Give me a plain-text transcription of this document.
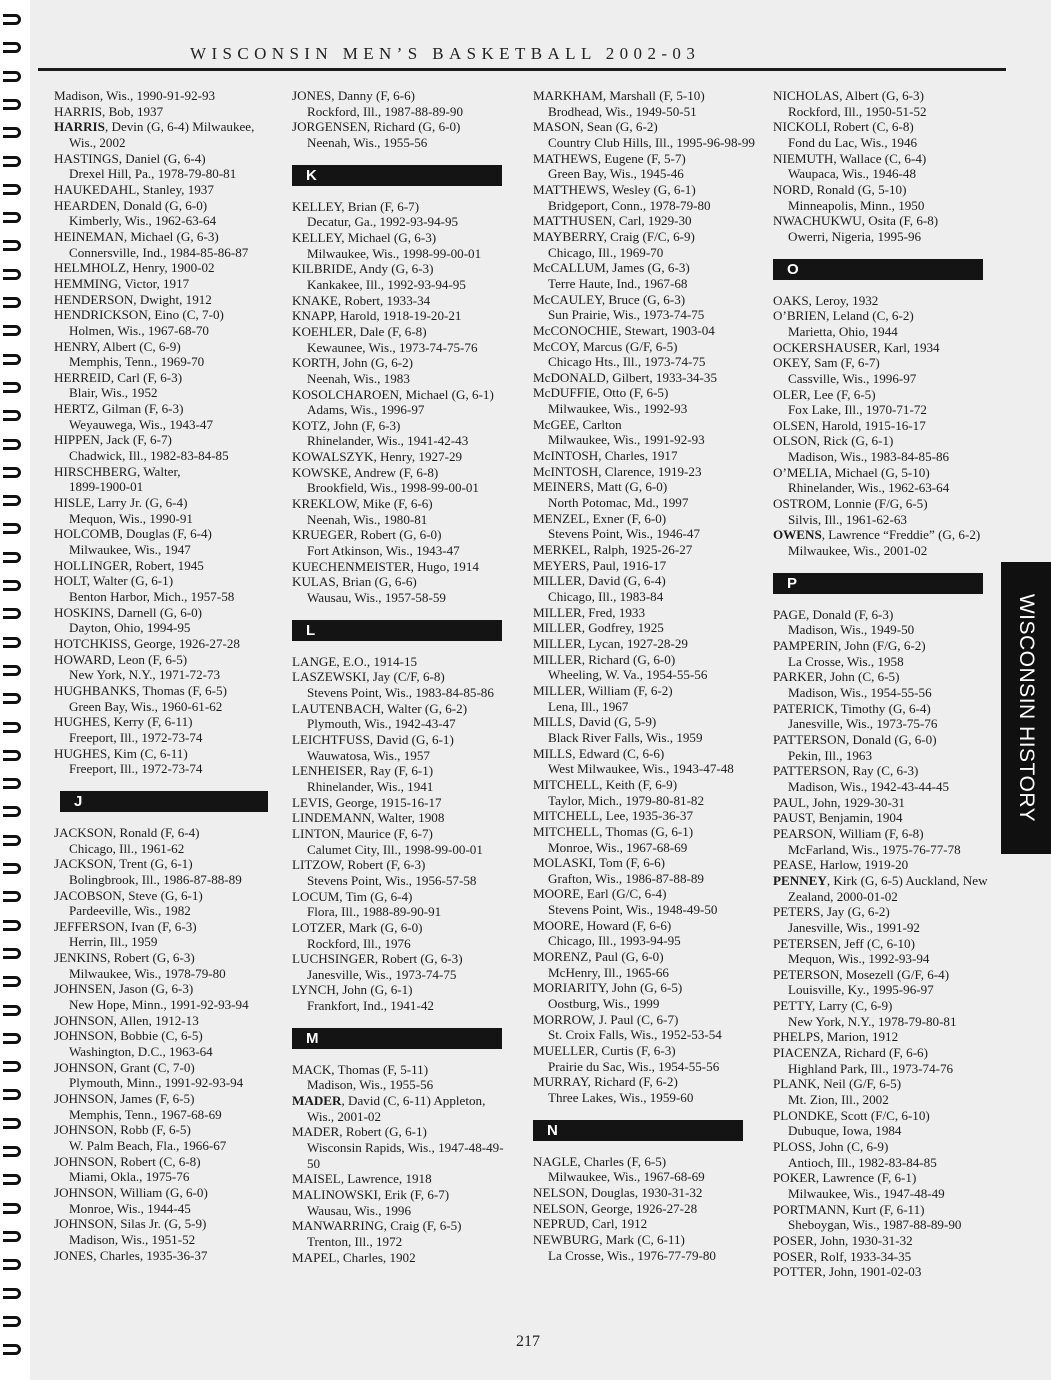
WISCONSIN MEN’S BASKETBALL 2002-03
Madison, Wis., 1990-91-92-93
HARRIS, Bob, 1937
HARRIS, Devin (G, 6-4) Milwaukee, Wis., 2002
HASTINGS, Daniel (G, 6-4)
Drexel Hill, Pa., 1978-79-80-81
HAUKEDAHL, Stanley, 1937
HEARDEN, Donald (G, 6-0)
Kimberly, Wis., 1962-63-64
HEINEMAN, Michael (G, 6-3)
Connersville, Ind., 1984-85-86-87
HELMHOLZ, Henry, 1900-02
HEMMING, Victor, 1917
HENDERSON, Dwight, 1912
HENDRICKSON, Eino (C, 7-0)
Holmen, Wis., 1967-68-70
HENRY, Albert (C, 6-9)
Memphis, Tenn., 1969-70
HERREID, Carl (F, 6-3)
Blair, Wis., 1952
HERTZ, Gilman (F, 6-3)
Weyauwega, Wis., 1943-47
HIPPEN, Jack (F, 6-7)
Chadwick, Ill., 1982-83-84-85
HIRSCHBERG, Walter,
1899-1900-01
HISLE, Larry Jr. (G, 6-4)
Mequon, Wis., 1990-91
HOLCOMB, Douglas (F, 6-4)
Milwaukee, Wis., 1947
HOLLINGER, Robert, 1945
HOLT, Walter (G, 6-1)
Benton Harbor, Mich., 1957-58
HOSKINS, Darnell (G, 6-0)
Dayton, Ohio, 1994-95
HOTCHKISS, George, 1926-27-28
HOWARD, Leon (F, 6-5)
New York, N.Y., 1971-72-73
HUGHBANKS, Thomas (F, 6-5)
Green Bay, Wis., 1960-61-62
HUGHES, Kerry (F, 6-11)
Freeport, Ill., 1972-73-74
HUGHES, Kim (C, 6-11)
Freeport, Ill., 1972-73-74
J
JACKSON, Ronald (F, 6-4)
Chicago, Ill., 1961-62
JACKSON, Trent (G, 6-1)
Bolingbrook, Ill., 1986-87-88-89
JACOBSON, Steve (G, 6-1)
Pardeeville, Wis., 1982
JEFFERSON, Ivan (F, 6-3)
Herrin, Ill., 1959
JENKINS, Robert (G, 6-3)
Milwaukee, Wis., 1978-79-80
JOHNSEN, Jason (G, 6-3)
New Hope, Minn., 1991-92-93-94
JOHNSON, Allen, 1912-13
JOHNSON, Bobbie (C, 6-5)
Washington, D.C., 1963-64
JOHNSON, Grant (C, 7-0)
Plymouth, Minn., 1991-92-93-94
JOHNSON, James (F, 6-5)
Memphis, Tenn., 1967-68-69
JOHNSON, Robb (F, 6-5)
W. Palm Beach, Fla., 1966-67
JOHNSON, Robert (C, 6-8)
Miami, Okla., 1975-76
JOHNSON, William (G, 6-0)
Monroe, Wis., 1944-45
JOHNSON, Silas Jr. (G, 5-9)
Madison, Wis., 1951-52
JONES, Charles, 1935-36-37
JONES, Danny (F, 6-6)
Rockford, Ill., 1987-88-89-90
JORGENSEN, Richard (G, 6-0)
Neenah, Wis., 1955-56
K
KELLEY, Brian (F, 6-7)
Decatur, Ga., 1992-93-94-95
KELLEY, Michael (G, 6-3)
Milwaukee, Wis., 1998-99-00-01
KILBRIDE, Andy (G, 6-3)
Kankakee, Ill., 1992-93-94-95
KNAKE, Robert, 1933-34
KNAPP, Harold, 1918-19-20-21
KOEHLER, Dale (F, 6-8)
Kewaunee, Wis., 1973-74-75-76
KORTH, John (G, 6-2)
Neenah, Wis., 1983
KOSOLCHAROEN, Michael (G, 6-1)
Adams, Wis., 1996-97
KOTZ, John (F, 6-3)
Rhinelander, Wis., 1941-42-43
KOWALSZYK, Henry, 1927-29
KOWSKE, Andrew (F, 6-8)
Brookfield, Wis., 1998-99-00-01
KREKLOW, Mike (F, 6-6)
Neenah, Wis., 1980-81
KRUEGER, Robert (G, 6-0)
Fort Atkinson, Wis., 1943-47
KUECHENMEISTER, Hugo, 1914
KULAS, Brian (G, 6-6)
Wausau, Wis., 1957-58-59
L
LANGE, E.O., 1914-15
LASZEWSKI, Jay (C/F, 6-8)
Stevens Point, Wis., 1983-84-85-86
LAUTENBACH, Walter (G, 6-2)
Plymouth, Wis., 1942-43-47
LEICHTFUSS, David (G, 6-1)
Wauwatosa, Wis., 1957
LENHEISER, Ray (F, 6-1)
Rhinelander, Wis., 1941
LEVIS, George, 1915-16-17
LINDEMANN, Walter, 1908
LINTON, Maurice (F, 6-7)
Calumet City, Ill., 1998-99-00-01
LITZOW, Robert (F, 6-3)
Stevens Point, Wis., 1956-57-58
LOCUM, Tim (G, 6-4)
Flora, Ill., 1988-89-90-91
LOTZER, Mark (G, 6-0)
Rockford, Ill., 1976
LUCHSINGER, Robert (G, 6-3)
Janesville, Wis., 1973-74-75
LYNCH, John (G, 6-1)
Frankfort, Ind., 1941-42
M
MACK, Thomas (F, 5-11)
Madison, Wis., 1955-56
MADER, David (C, 6-11) Appleton, Wis., 2001-02
MADER, Robert (G, 6-1)
Wisconsin Rapids, Wis., 1947-48-49-50
MAISEL, Lawrence, 1918
MALINOWSKI, Erik (F, 6-7)
Wausau, Wis., 1996
MANWARRING, Craig (F, 6-5)
Trenton, Ill., 1972
MAPEL, Charles, 1902
MARKHAM, Marshall (F, 5-10)
Brodhead, Wis., 1949-50-51
MASON, Sean (G, 6-2)
Country Club Hills, Ill., 1995-96-98-99
MATHEWS, Eugene (F, 5-7)
Green Bay, Wis., 1945-46
MATTHEWS, Wesley (G, 6-1)
Bridgeport, Conn., 1978-79-80
MATTHUSEN, Carl, 1929-30
MAYBERRY, Craig (F/C, 6-9)
Chicago, Ill., 1969-70
McCALLUM, James (G, 6-3)
Terre Haute, Ind., 1967-68
McCAULEY, Bruce (G, 6-3)
Sun Prairie, Wis., 1973-74-75
McCONOCHIE, Stewart, 1903-04
McCOY, Marcus (G/F, 6-5)
Chicago Hts., Ill., 1973-74-75
McDONALD, Gilbert, 1933-34-35
McDUFFIE, Otto (F, 6-5)
Milwaukee, Wis., 1992-93
McGEE, Carlton
Milwaukee, Wis., 1991-92-93
McINTOSH, Charles, 1917
McINTOSH, Clarence, 1919-23
MEINERS, Matt (G, 6-0)
North Potomac, Md., 1997
MENZEL, Exner (F, 6-0)
Stevens Point, Wis., 1946-47
MERKEL, Ralph, 1925-26-27
MEYERS, Paul, 1916-17
MILLER, David (G, 6-4)
Chicago, Ill., 1983-84
MILLER, Fred, 1933
MILLER, Godfrey, 1925
MILLER, Lycan, 1927-28-29
MILLER, Richard (G, 6-0)
Wheeling, W. Va., 1954-55-56
MILLER, William (F, 6-2)
Lena, Ill., 1967
MILLS, David (G, 5-9)
Black River Falls, Wis., 1959
MILLS, Edward (C, 6-6)
West Milwaukee, Wis., 1943-47-48
MITCHELL, Keith (F, 6-9)
Taylor, Mich., 1979-80-81-82
MITCHELL, Lee, 1935-36-37
MITCHELL, Thomas (G, 6-1)
Monroe, Wis., 1967-68-69
MOLASKI, Tom (F, 6-6)
Grafton, Wis., 1986-87-88-89
MOORE, Earl (G/C, 6-4)
Stevens Point, Wis., 1948-49-50
MOORE, Howard (F, 6-6)
Chicago, Ill., 1993-94-95
MORENZ, Paul (G, 6-0)
McHenry, Ill., 1965-66
MORIARITY, John (G, 6-5)
Oostburg, Wis., 1999
MORROW, J. Paul (C, 6-7)
St. Croix Falls, Wis., 1952-53-54
MUELLER, Curtis (F, 6-3)
Prairie du Sac, Wis., 1954-55-56
MURRAY, Richard (F, 6-2)
Three Lakes, Wis., 1959-60
N
NAGLE, Charles (F, 6-5)
Milwaukee, Wis., 1967-68-69
NELSON, Douglas, 1930-31-32
NELSON, George, 1926-27-28
NEPRUD, Carl, 1912
NEWBURG, Mark (C, 6-11)
La Crosse, Wis., 1976-77-79-80
NICHOLAS, Albert (G, 6-3)
Rockford, Ill., 1950-51-52
NICKOLI, Robert (C, 6-8)
Fond du Lac, Wis., 1946
NIEMUTH, Wallace (C, 6-4)
Waupaca, Wis., 1946-48
NORD, Ronald (G, 5-10)
Minneapolis, Minn., 1950
NWACHUKWU, Osita (F, 6-8)
Owerri, Nigeria, 1995-96
O
OAKS, Leroy, 1932
O’BRIEN, Leland (C, 6-2)
Marietta, Ohio, 1944
OCKERSHAUSER, Karl, 1934
OKEY, Sam (F, 6-7)
Cassville, Wis., 1996-97
OLER, Lee (F, 6-5)
Fox Lake, Ill., 1970-71-72
OLSEN, Harold, 1915-16-17
OLSON, Rick (G, 6-1)
Madison, Wis., 1983-84-85-86
O’MELIA, Michael (G, 5-10)
Rhinelander, Wis., 1962-63-64
OSTROM, Lonnie (F/G, 6-5)
Silvis, Ill., 1961-62-63
OWENS, Lawrence “Freddie” (G, 6-2) Milwaukee, Wis., 2001-02
P
PAGE, Donald (F, 6-3)
Madison, Wis., 1949-50
PAMPERIN, John (F/G, 6-2)
La Crosse, Wis., 1958
PARKER, John (C, 6-5)
Madison, Wis., 1954-55-56
PATERICK, Timothy (G, 6-4)
Janesville, Wis., 1973-75-76
PATTERSON, Donald (G, 6-0)
Pekin, Ill., 1963
PATTERSON, Ray (C, 6-3)
Madison, Wis., 1942-43-44-45
PAUL, John, 1929-30-31
PAUST, Benjamin, 1904
PEARSON, William (F, 6-8)
McFarland, Wis., 1975-76-77-78
PEASE, Harlow, 1919-20
PENNEY, Kirk (G, 6-5) Auckland, New Zealand, 2000-01-02
PETERS, Jay (G, 6-2)
Janesville, Wis., 1991-92
PETERSEN, Jeff (C, 6-10)
Mequon, Wis., 1992-93-94
PETERSON, Mosezell (G/F, 6-4)
Louisville, Ky., 1995-96-97
PETTY, Larry (C, 6-9)
New York, N.Y., 1978-79-80-81
PHELPS, Marion, 1912
PIACENZA, Richard (F, 6-6)
Highland Park, Ill., 1973-74-76
PLANK, Neil (G/F, 6-5)
Mt. Zion, Ill., 2002
PLONDKE, Scott (F/C, 6-10)
Dubuque, Iowa, 1984
PLOSS, John (C, 6-9)
Antioch, Ill., 1982-83-84-85
POKER, Lawrence (F, 6-1)
Milwaukee, Wis., 1947-48-49
PORTMANN, Kurt (F, 6-11)
Sheboygan, Wis., 1987-88-89-90
POSER, John, 1930-31-32
POSER, Rolf, 1933-34-35
POTTER, John, 1901-02-03
WISCONSIN HISTORY
217
